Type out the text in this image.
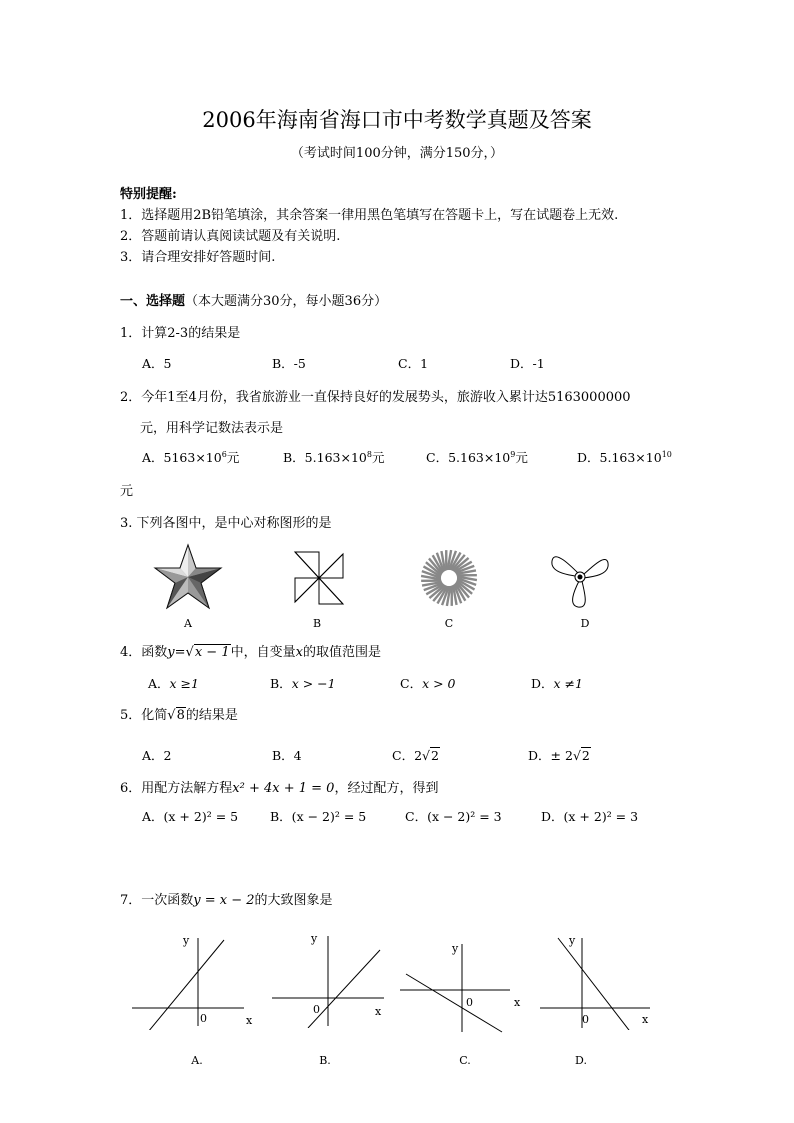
2006年海南省海口市中考数学真题及答案
（考试时间100分钟，满分150分，）
特别提醒:
1．选择题用2B铅笔填涂，其余答案一律用黑色笔填写在答题卡上，写在试题卷上无效.
2．答题前请认真阅读试题及有关说明.
3．请合理安排好答题时间.
一、选择题（本大题满分30分，每小题36分）
1．计算2-3的结果是
A．5	B．-5	C．1	D．-1
2．今年1至4月份，我省旅游业一直保持良好的发展势头，旅游收入累计达5163000000
元，用科学记数法表示是
A．$5163\times 10^6$元	B．$5.163\times 10^8$元	C．$5.163\times 10^9$元	D．$5.163\times 10^{10}$
元
3. 下列各图中，是中心对称图形的是
A	B	C	D
4．函数y=√x − 1中，自变量x的取值范围是
A．x ≥1	B．x > −1	C．x > 0	D．x ≠1
5．化简√8的结果是
A．2	B．4	C．2√2	D．± 2√2
6．用配方法解方程x² + 4x + 1 = 0，经过配方，得到
A．(x + 2)² = 5	B．(x − 2)² = 5	C．(x − 2)² = 3	D．(x + 2)² = 3
7．一次函数y = x − 2的大致图象是
y
x
0
y
x
0
y
x
0
y
x
0
A.	B.	C.	D.
